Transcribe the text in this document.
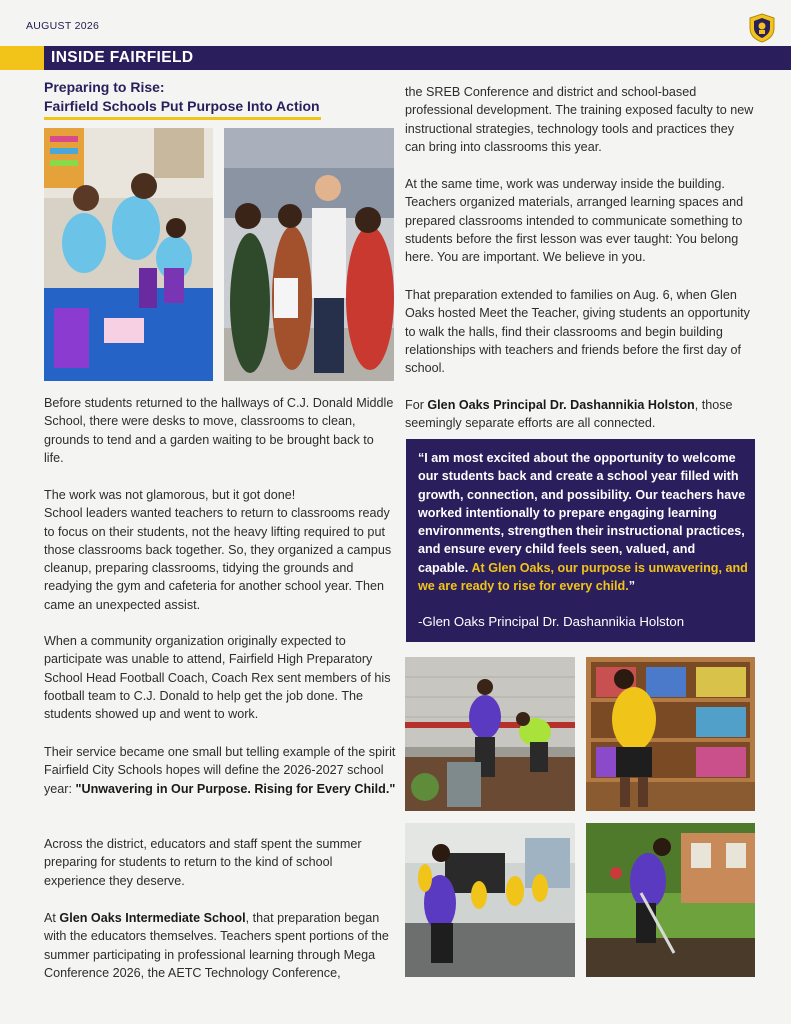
AUGUST 2026
INSIDE FAIRFIELD
Preparing to Rise:
Fairfield Schools Put Purpose Into Action

Before students returned to the hallways of C.J. Donald Middle School, there were desks to move, classrooms to clean, grounds to tend and a garden waiting to be brought back to life.

The work was not glamorous, but it got done!
School leaders wanted teachers to return to classrooms ready to focus on their students, not the heavy lifting required to put those classrooms back together. So, they organized a campus cleanup, preparing classrooms, tidying the grounds and readying the gym and cafeteria for another school year. Then came an unexpected assist.

When a community organization originally expected to participate was unable to attend, Fairfield High Preparatory School Head Football Coach, Coach Rex sent members of his football team to C.J. Donald to help get the job done. The students showed up and went to work.

Their service became one small but telling example of the spirit Fairfield City Schools hopes will define the 2026-2027 school year: "Unwavering in Our Purpose. Rising for Every Child."

Across the district, educators and staff spent the summer preparing for students to return to the kind of school experience they deserve.

At Glen Oaks Intermediate School, that preparation began with the educators themselves. Teachers spent portions of the summer participating in professional learning through Mega Conference 2026, the AETC Technology Conference,

the SREB Conference and district and school-based professional development. The training exposed faculty to new instructional strategies, technology tools and practices they can bring into classrooms this year.

At the same time, work was underway inside the building. Teachers organized materials, arranged learning spaces and prepared classrooms intended to communicate something to students before the first lesson was ever taught: You belong here. You are important. We believe in you.

That preparation extended to families on Aug. 6, when Glen Oaks hosted Meet the Teacher, giving students an opportunity to walk the halls, find their classrooms and begin building relationships with teachers and friends before the first day of school.

For Glen Oaks Principal Dr. Dashannikia Holston, those seemingly separate efforts are all connected.

“I am most excited about the opportunity to welcome our students back and create a school year filled with growth, connection, and possibility. Our teachers have worked intentionally to prepare engaging learning environments, strengthen their instructional practices, and ensure every child feels seen, valued, and capable. At Glen Oaks, our purpose is unwavering, and we are ready to rise for every child.”

-Glen Oaks Principal Dr. Dashannikia Holston
